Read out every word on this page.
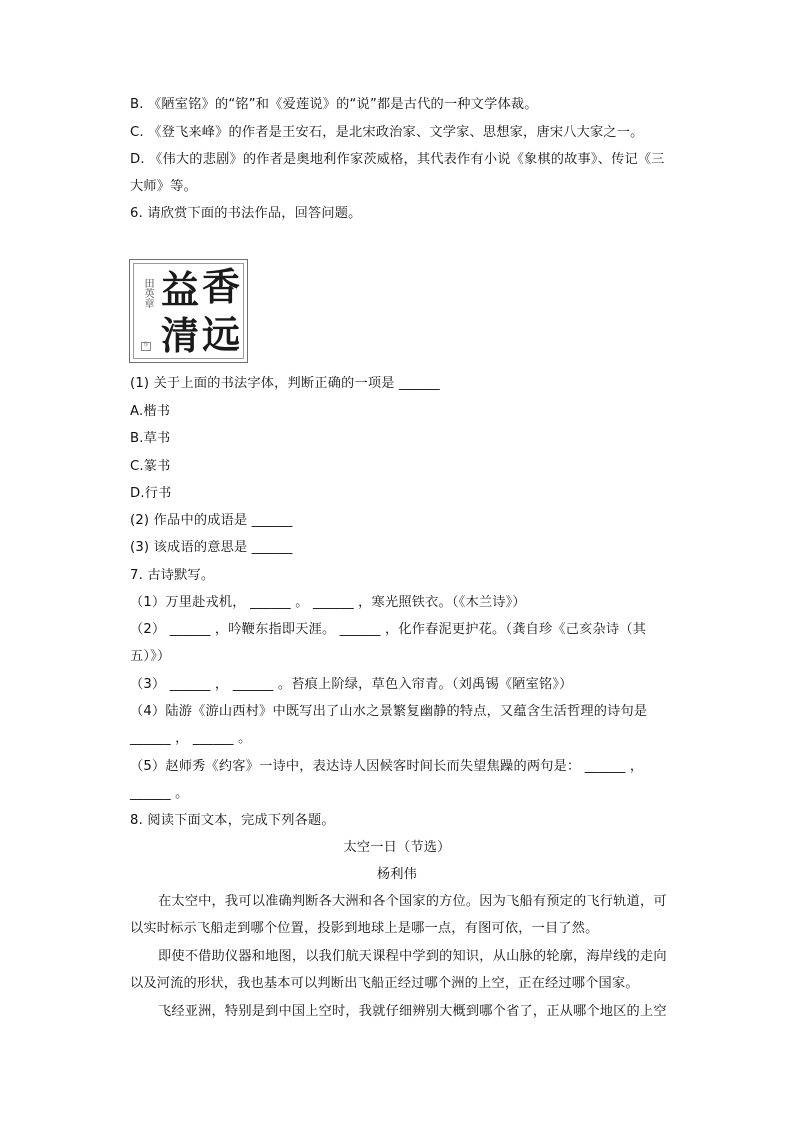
B. 《陋室铭》的“铭”和《爱莲说》的“说”都是古代的一种文学体裁。
C. 《登飞来峰》的作者是王安石，是北宋政治家、文学家、思想家，唐宋八大家之一。
D. 《伟大的悲剧》的作者是奥地利作家茨威格，其代表作有小说《象棋的故事》、传记《三
大师》等。
6. 请欣赏下面的书法作品，回答问题。
香
益
远
清
田英章
印
(1) 关于上面的书法字体，判断正确的一项是 ______
A.楷书
B.草书
C.篆书
D.行书
(2) 作品中的成语是 ______
(3) 该成语的意思是 ______
7. 古诗默写。
（1）万里赴戎机， ______ 。 ______ ，寒光照铁衣。（《木兰诗》）
（2） ______ ，吟鞭东指即天涯。 ______ ，化作春泥更护花。（龚自珍《己亥杂诗（其
五）》）
（3） ______ ， ______ 。苔痕上阶绿，草色入帘青。（刘禹锡《陋室铭》）
（4）陆游《游山西村》中既写出了山水之景繁复幽静的特点，又蕴含生活哲理的诗句是
______ ， ______ 。
（5）赵师秀《约客》一诗中，表达诗人因候客时间长而失望焦躁的两句是： ______ ，
______ 。
8. 阅读下面文本，完成下列各题。
太空一日（节选）
杨利伟
在太空中，我可以准确判断各大洲和各个国家的方位。因为飞船有预定的飞行轨道，可
以实时标示飞船走到哪个位置，投影到地球上是哪一点，有图可依，一目了然。
即使不借助仪器和地图，以我们航天课程中学到的知识，从山脉的轮廓，海岸线的走向
以及河流的形状，我也基本可以判断出飞船正经过哪个洲的上空，正在经过哪个国家。
飞经亚洲，特别是到中国上空时，我就仔细辨别大概到哪个省了，正从哪个地区的上空
